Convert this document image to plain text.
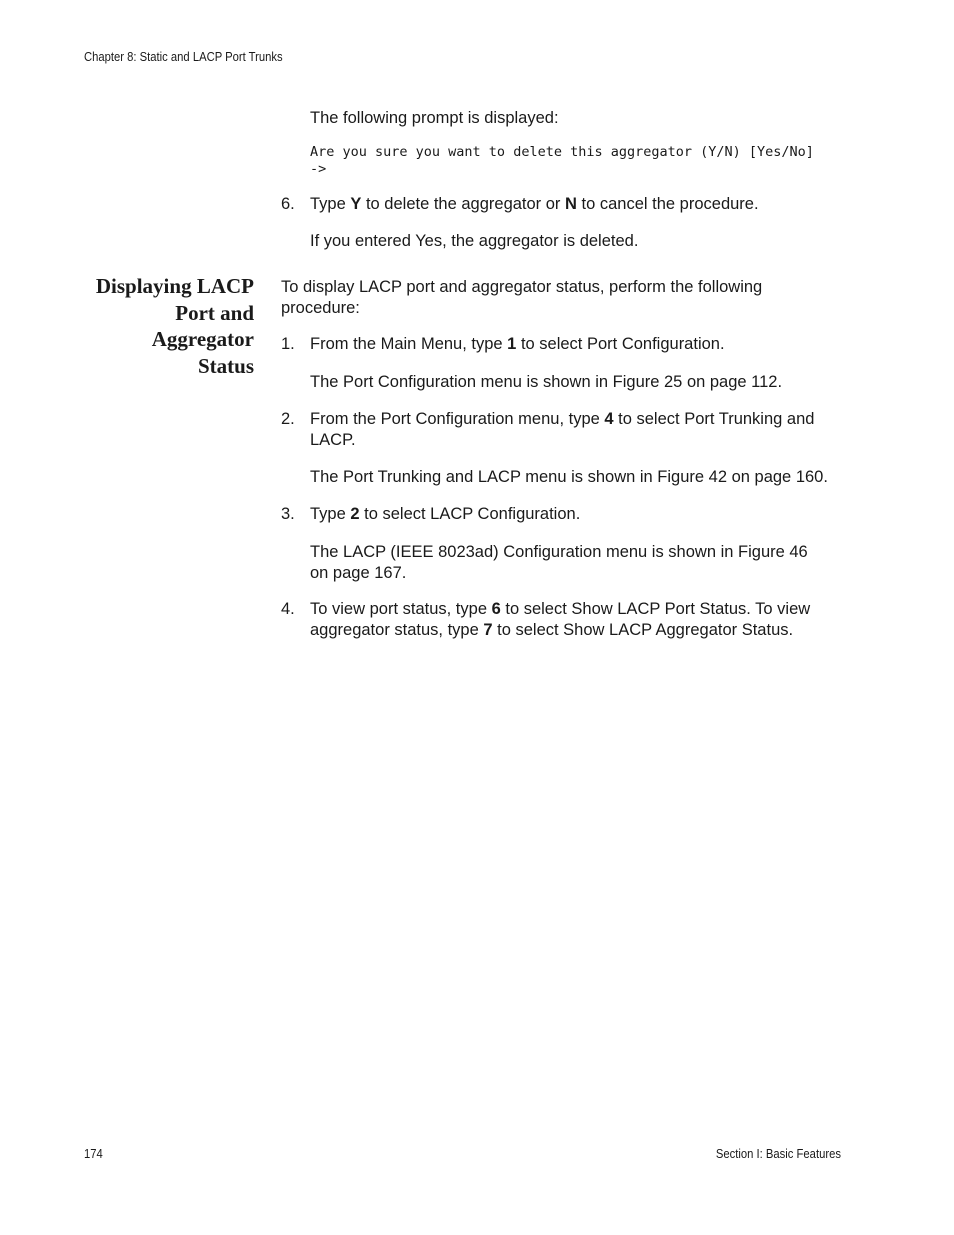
Chapter 8: Static and LACP Port Trunks
The following prompt is displayed:
Are you sure you want to delete this aggregator (Y/N) [Yes/No]
->
6. Type Y to delete the aggregator or N to cancel the procedure.
If you entered Yes, the aggregator is deleted.
Displaying LACP
Port and
Aggregator
Status
To display LACP port and aggregator status, perform the following
procedure:
1. From the Main Menu, type 1 to select Port Configuration.
The Port Configuration menu is shown in Figure 25 on page 112.
2. From the Port Configuration menu, type 4 to select Port Trunking and
LACP.
The Port Trunking and LACP menu is shown in Figure 42 on page 160.
3. Type 2 to select LACP Configuration.
The LACP (IEEE 8023ad) Configuration menu is shown in Figure 46
on page 167.
4. To view port status, type 6 to select Show LACP Port Status. To view
aggregator status, type 7 to select Show LACP Aggregator Status.
174	Section I: Basic Features
